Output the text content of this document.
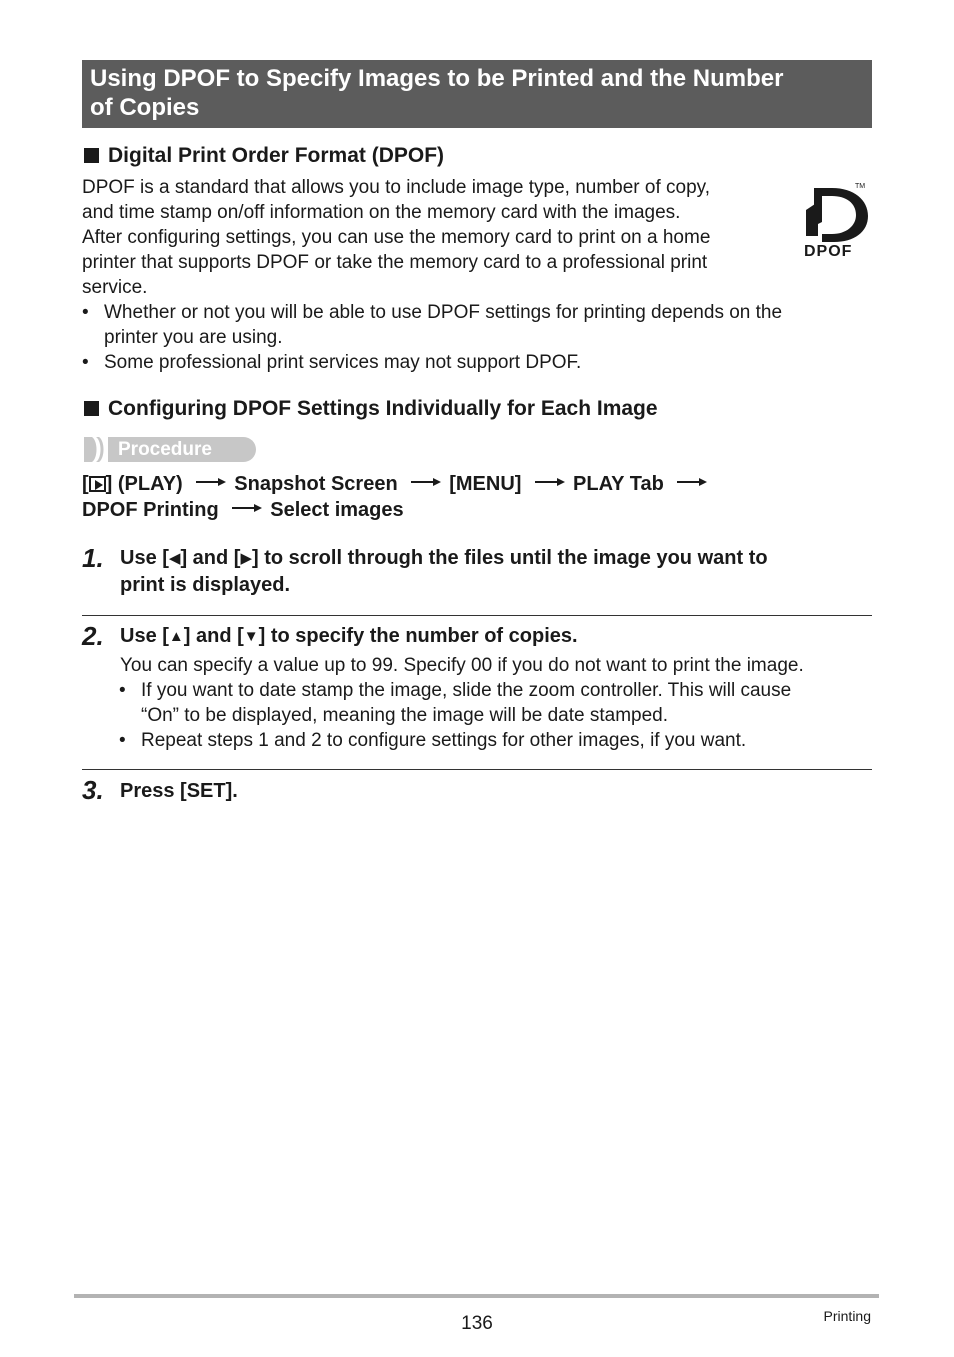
Using DPOF to Specify Images to be Printed and the Number
of Copies
Digital Print Order Format (DPOF)
DPOF is a standard that allows you to include image type, number of copy,
and time stamp on/off information on the memory card with the images.
After configuring settings, you can use the memory card to print on a home
printer that supports DPOF or take the memory card to a professional print
service.
TM
DPOF
• Whether or not you will be able to use DPOF settings for printing depends on the
printer you are using.
• Some professional print services may not support DPOF.
Configuring DPOF Settings Individually for Each Image
Procedure
[ ] (PLAY)	Snapshot Screen	[MENU]	PLAY Tab
DPOF Printing	Select images
1. Use [◀] and [▶] to scroll through the files until the image you want to
print is displayed.
2. Use [▲] and [▼] to specify the number of copies.
You can specify a value up to 99. Specify 00 if you do not want to print the image.
• If you want to date stamp the image, slide the zoom controller. This will cause
“On” to be displayed, meaning the image will be date stamped.
• Repeat steps 1 and 2 to configure settings for other images, if you want.
3. Press [SET].
136	Printing
